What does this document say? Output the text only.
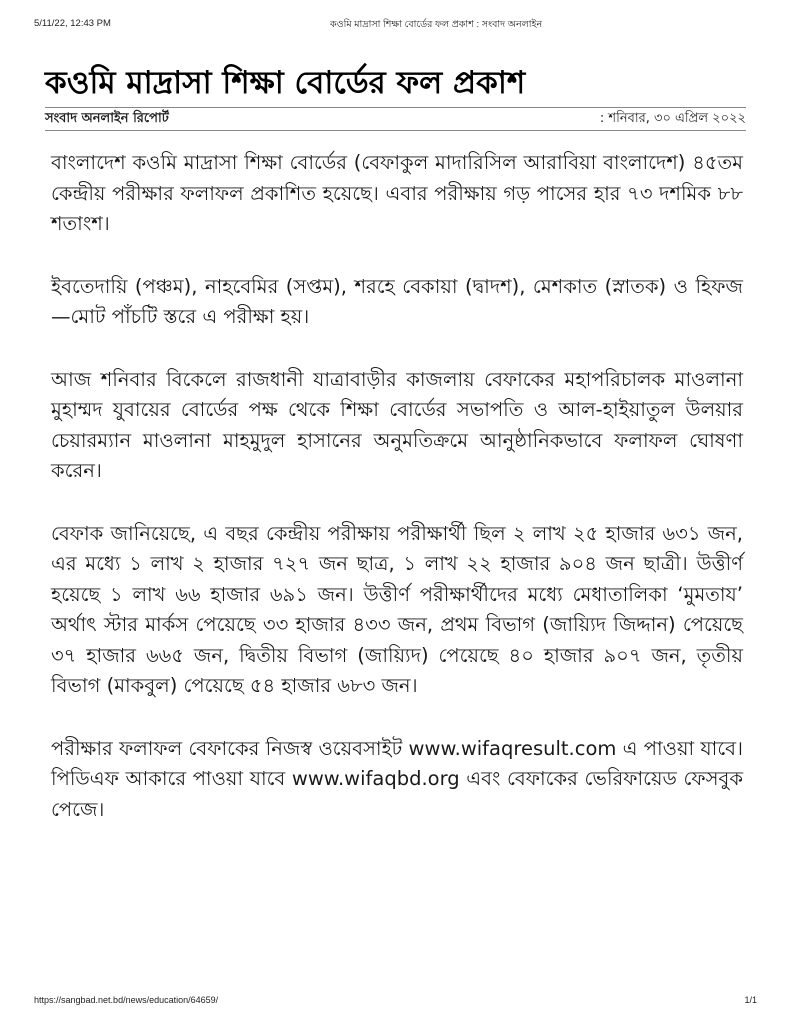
5/11/22, 12:43 PM	কওমি মাদ্রাসা শিক্ষা বোর্ডের ফল প্রকাশ : সংবাদ অনলাইন
কওমি মাদ্রাসা শিক্ষা বোর্ডের ফল প্রকাশ
সংবাদ অনলাইন রিপোর্ট	: শনিবার, ৩০ এপ্রিল ২০২২

বাংলাদেশ কওমি মাদ্রাসা শিক্ষা বোর্ডের (বেফাকুল মাদারিসিল আরাবিয়া বাংলাদেশ) ৪৫তম কেন্দ্রীয় পরীক্ষার ফলাফল প্রকাশিত হয়েছে। এবার পরীক্ষায় গড় পাসের হার ৭৩ দশমিক ৮৮ শতাংশ।

ইবতেদায়ি (পঞ্চম), নাহবেমির (সপ্তম), শরহে বেকায়া (দ্বাদশ), মেশকাত (স্নাতক) ও হিফজ—মোট পাঁচটি স্তরে এ পরীক্ষা হয়।

আজ শনিবার বিকেলে রাজধানী যাত্রাবাড়ীর কাজলায় বেফাকের মহাপরিচালক মাওলানা মুহাম্মদ যুবায়ের বোর্ডের পক্ষ থেকে শিক্ষা বোর্ডের সভাপতি ও আল-হাইয়াতুল উলয়ার চেয়ারম্যান মাওলানা মাহমুদুল হাসানের অনুমতিক্রমে আনুষ্ঠানিকভাবে ফলাফল ঘোষণা করেন।

বেফাক জানিয়েছে, এ বছর কেন্দ্রীয় পরীক্ষায় পরীক্ষার্থী ছিল ২ লাখ ২৫ হাজার ৬৩১ জন, এর মধ্যে ১ লাখ ২ হাজার ৭২৭ জন ছাত্র, ১ লাখ ২২ হাজার ৯০৪ জন ছাত্রী। উত্তীর্ণ হয়েছে ১ লাখ ৬৬ হাজার ৬৯১ জন। উত্তীর্ণ পরীক্ষার্থীদের মধ্যে মেধাতালিকা ‘মুমতায’ অর্থাৎ স্টার মার্কস পেয়েছে ৩৩ হাজার ৪৩৩ জন, প্রথম বিভাগ (জায়্যিদ জিদ্দান) পেয়েছে ৩৭ হাজার ৬৬৫ জন, দ্বিতীয় বিভাগ (জায়্যিদ) পেয়েছে ৪০ হাজার ৯০৭ জন, তৃতীয় বিভাগ (মাকবুল) পেয়েছে ৫৪ হাজার ৬৮৩ জন।

পরীক্ষার ফলাফল বেফাকের নিজস্ব ওয়েবসাইট www.wifaqresult.com এ পাওয়া যাবে। পিডিএফ আকারে পাওয়া যাবে www.wifaqbd.org এবং বেফাকের ভেরিফায়েড ফেসবুক পেজে।

https://sangbad.net.bd/news/education/64659/	1/1
